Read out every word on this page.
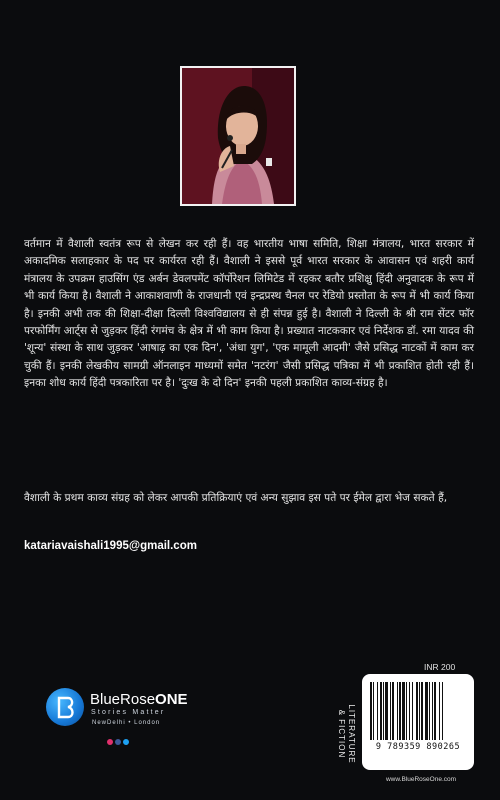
वर्तमान में वैशाली स्वतंत्र रूप से लेखन कर रही हैं। वह भारतीय भाषा समिति, शिक्षा मंत्रालय, भारत सरकार में अकादमिक सलाहकार के पद पर कार्यरत रही हैं। वैशाली ने इससे पूर्व भारत सरकार के आवासन एवं शहरी कार्य मंत्रालय के उपक्रम हाउसिंग एंड अर्बन डेवलपमेंट कॉर्पोरेशन लिमिटेड में रहकर बतौर प्रशिक्षु हिंदी अनुवादक के रूप में भी कार्य किया है। वैशाली ने आकाशवाणी के राजधानी एवं इन्द्रप्रस्थ चैनल पर रेडियो प्रस्तोता के रूप में भी कार्य किया है। इनकी अभी तक की शिक्षा-दीक्षा दिल्ली विश्वविद्यालय से ही संपन्न हुई है। वैशाली ने दिल्ली के श्री राम सेंटर फॉर परफोर्मिंग आर्ट्स से जुड़कर हिंदी रंगमंच के क्षेत्र में भी काम किया है। प्रख्यात नाटककार एवं निर्देशक डॉ. रमा यादव की 'शून्य' संस्था के साथ जुड़कर 'आषाढ़ का एक दिन', 'अंधा युग', 'एक मामूली आदमी' जैसे प्रसिद्ध नाटकों में काम कर चुकी हैं। इनकी लेखकीय सामग्री ऑनलाइन माध्यमों समेत 'नटरंग' जैसी प्रसिद्ध पत्रिका में भी प्रकाशित होती रही हैं। इनका शोध कार्य हिंदी पत्रकारिता पर है। 'दुःख के दो दिन' इनकी पहली प्रकाशित काव्य-संग्रह है।
वैशाली के प्रथम काव्य संग्रह को लेकर आपकी प्रतिक्रियाएं एवं अन्य सुझाव इस पते पर ईमेल द्वारा भेज सकते हैं,
katariavaishali1995@gmail.com
BlueRoseONE
Stories Matter
NewDelhi • London
INR 200
LITERATURE
& FICTION	9 789359 890265
www.BlueRoseOne.com
